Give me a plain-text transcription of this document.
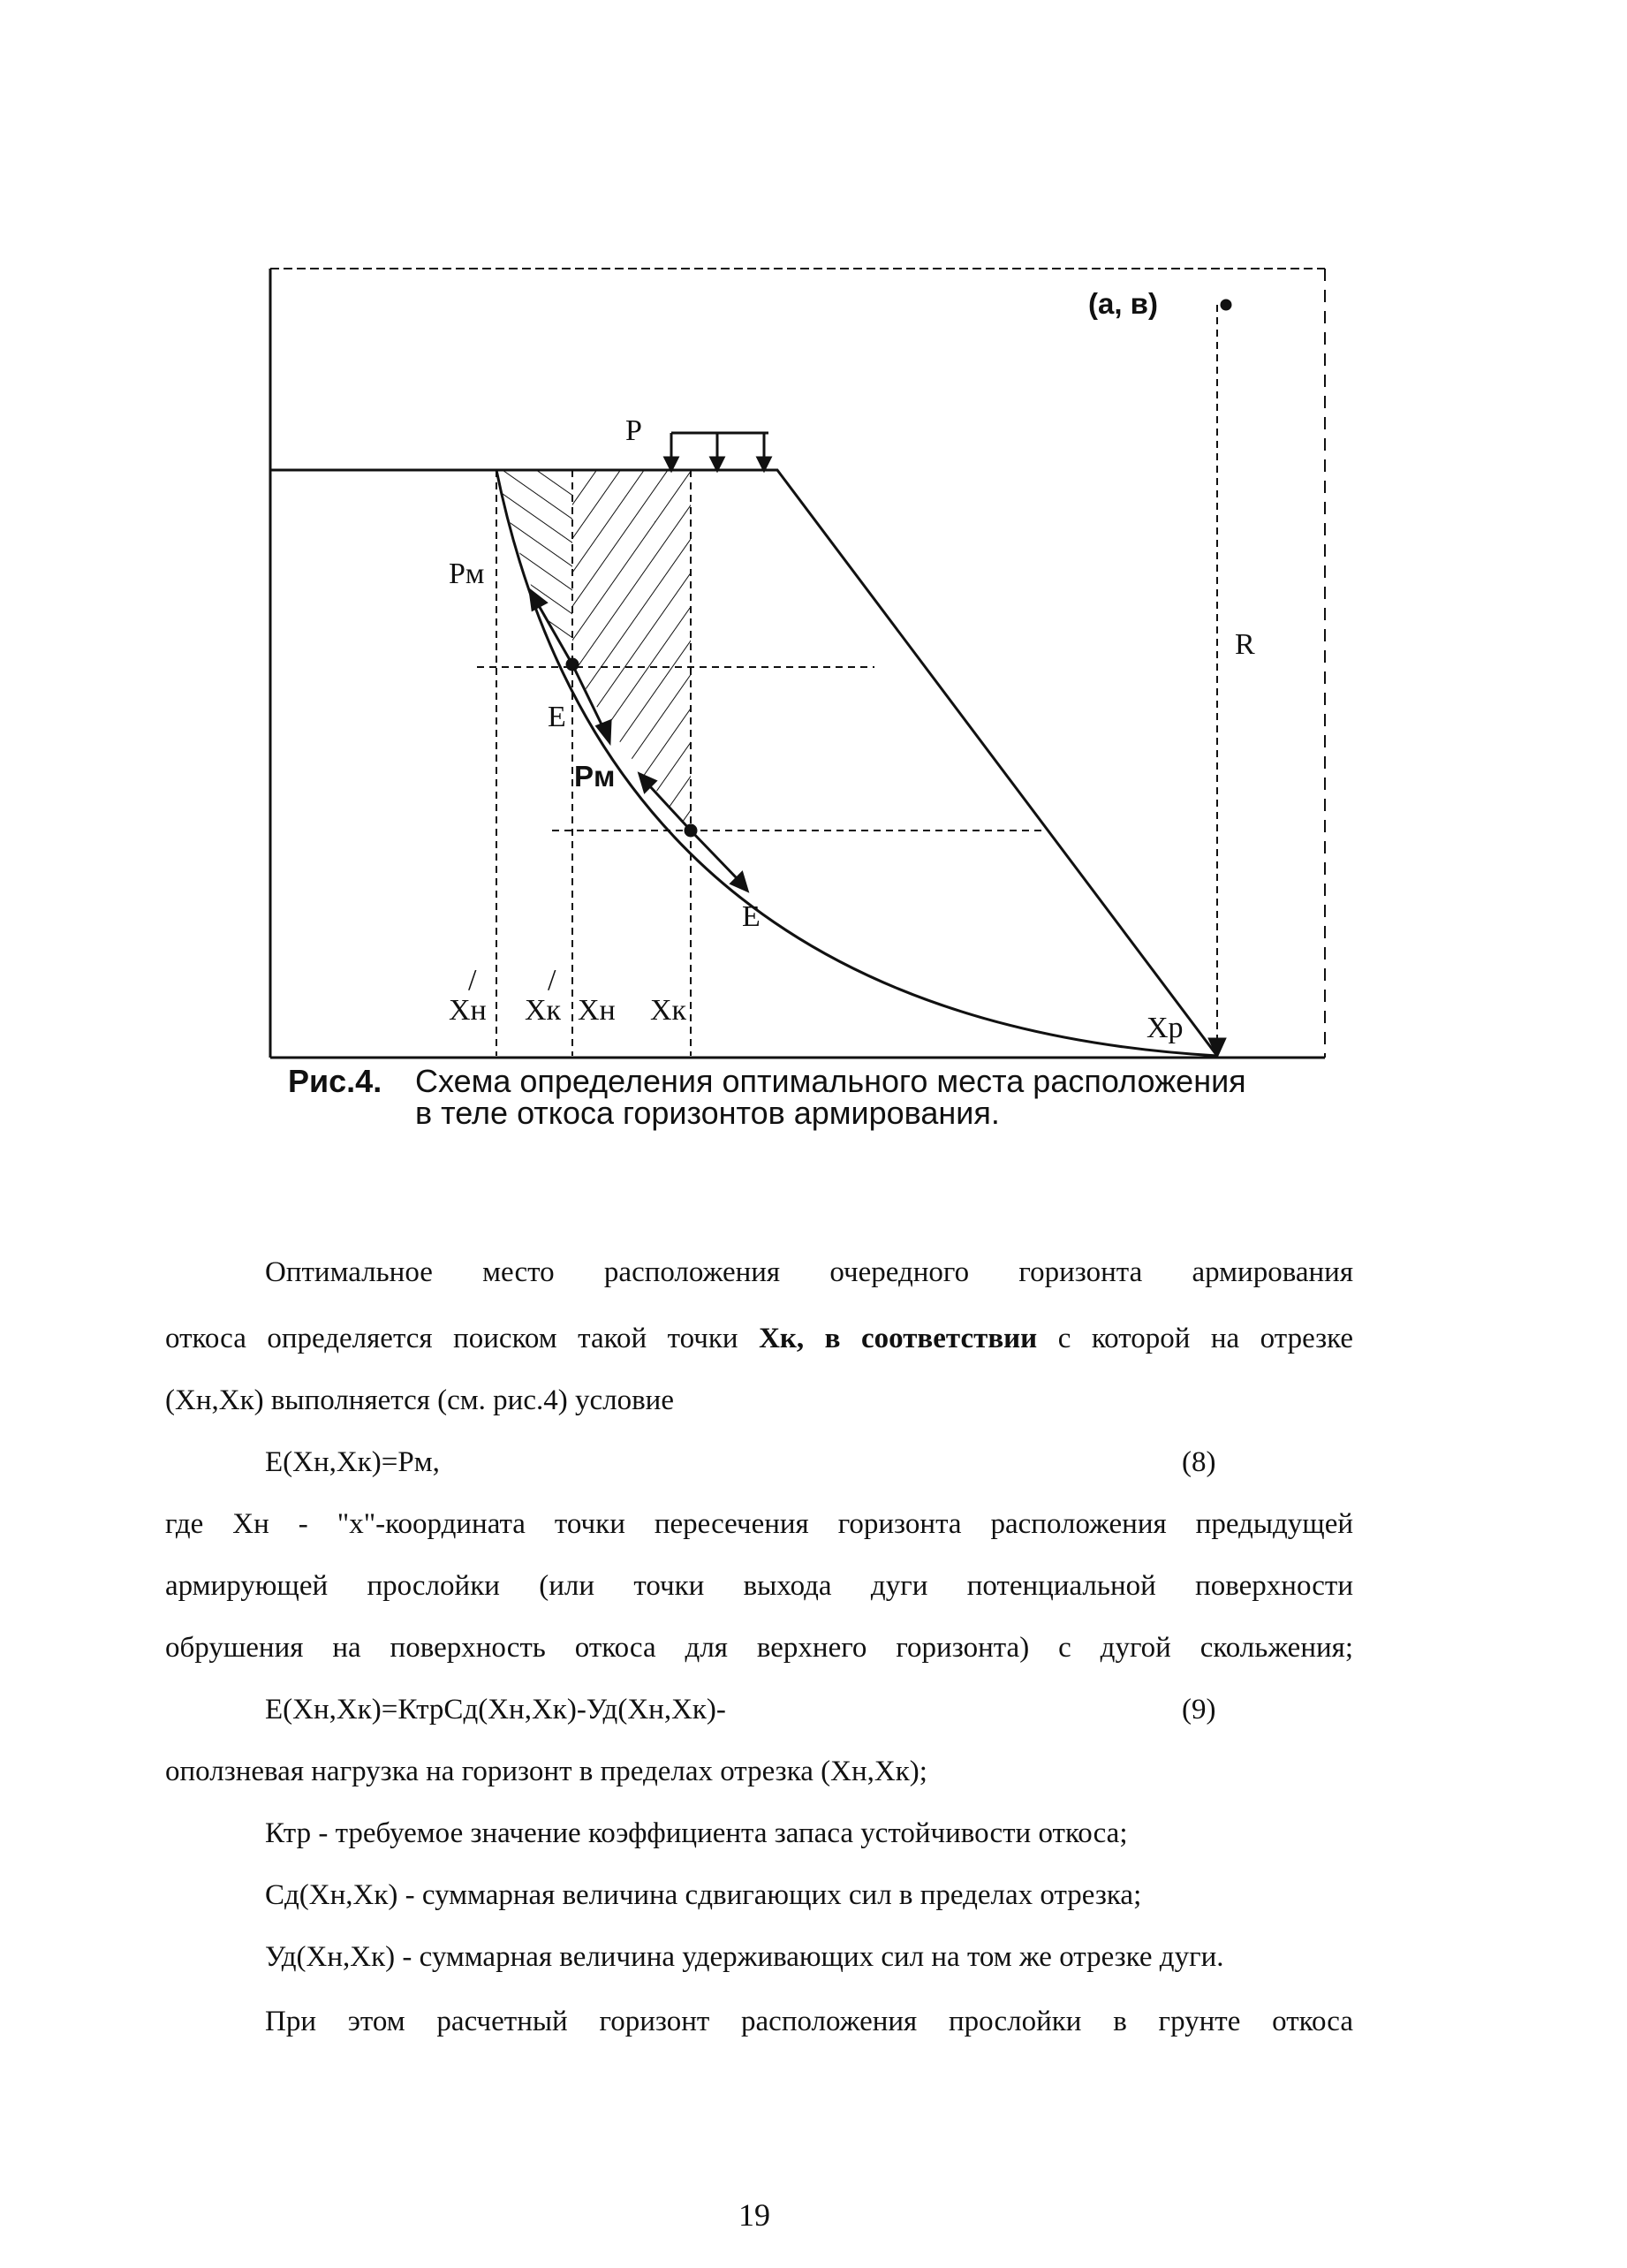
(а, в)
P
R
Рм
Е
Рм
Е
Хн
/
Хк
/
Хн Хк
Хр
Рис.4. Схема определения оптимального места расположения
в теле откоса горизонтов армирования.
Оптимальное место расположения очередного горизонта армирования
откоса определяется поиском такой точки Хк, в соответствии с которой на отрезке
(Хн,Хк) выполняется (см. рис.4) условие
Е(Хн,Хк)=Рм,	(8)
где Хн - "х"-координата точки пересечения горизонта расположения предыдущей
армирующей прослойки (или точки выхода дуги потенциальной поверхности
обрушения на поверхность откоса для верхнего горизонта) с дугой скольжения;
Е(Хн,Хк)=КтрСд(Хн,Хк)-Уд(Хн,Хк)-	(9)
оползневая нагрузка на горизонт в пределах отрезка (Хн,Хк);
Ктр - требуемое значение коэффициента запаса устойчивости откоса;
Сд(Хн,Хк) - суммарная величина сдвигающих сил в пределах отрезка;
Уд(Хн,Хк) - суммарная величина удерживающих сил на том же отрезке дуги.
При этом расчетный горизонт расположения прослойки в грунте откоса
19
